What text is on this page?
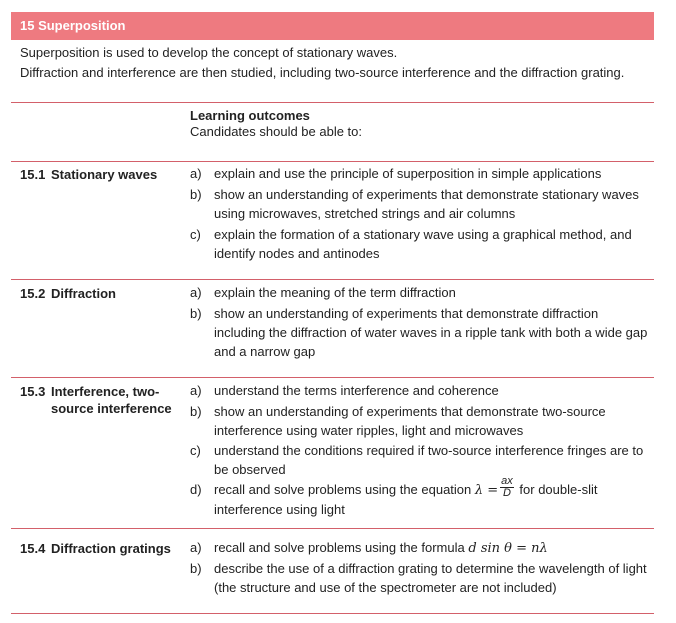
15 Superposition
Superposition is used to develop the concept of stationary waves.
Diffraction and interference are then studied, including two-source interference and the diffraction grating.
Learning outcomes
Candidates should be able to:
15.1 Stationary waves	a) explain and use the principle of superposition in simple applications
b) show an understanding of experiments that demonstrate stationary waves using microwaves, stretched strings and air columns
c) explain the formation of a stationary wave using a graphical method, and identify nodes and antinodes
15.2 Diffraction	a) explain the meaning of the term diffraction
b) show an understanding of experiments that demonstrate diffraction including the diffraction of water waves in a ripple tank with both a wide gap and a narrow gap
15.3 Interference, two-
source interference
a) understand the terms interference and coherence
b) show an understanding of experiments that demonstrate two-source interference using water ripples, light and microwaves
c) understand the conditions required if two-source interference fringes are to be observed
d) recall and solve problems using the equation $\lambda = \frac{ax}{D}$ for double-slit
interference using light
15.4 Diffraction gratings a) recall and solve problems using the formula d sin θ = nλ
b) describe the use of a diffraction grating to determine the wavelength of light (the structure and use of the spectrometer are not included)
